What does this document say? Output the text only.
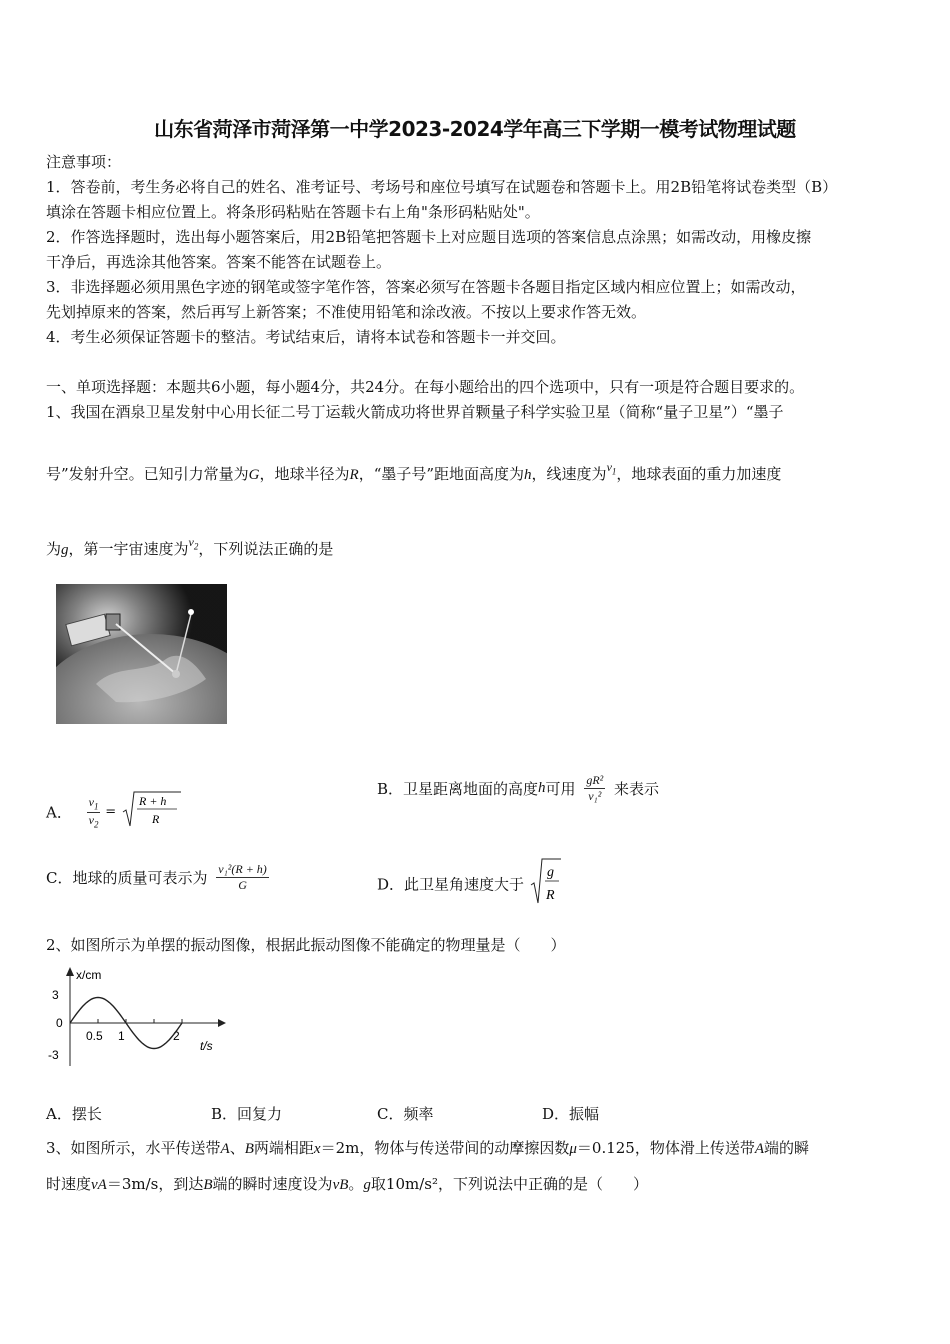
山东省菏泽市菏泽第一中学2023-2024学年高三下学期一模考试物理试题
注意事项：
1．答卷前，考生务必将自己的姓名、准考证号、考场号和座位号填写在试题卷和答题卡上。用2B铅笔将试卷类型（B）
填涂在答题卡相应位置上。将条形码粘贴在答题卡右上角"条形码粘贴处"。
2．作答选择题时，选出每小题答案后，用2B铅笔把答题卡上对应题目选项的答案信息点涂黑；如需改动，用橡皮擦
干净后，再选涂其他答案。答案不能答在试题卷上。
3．非选择题必须用黑色字迹的钢笔或签字笔作答，答案必须写在答题卡各题目指定区域内相应位置上；如需改动，
先划掉原来的答案，然后再写上新答案；不准使用铅笔和涂改液。不按以上要求作答无效。
4．考生必须保证答题卡的整洁。考试结束后，请将本试卷和答题卡一并交回。
一、单项选择题：本题共6小题，每小题4分，共24分。在每小题给出的四个选项中，只有一项是符合题目要求的。
1、我国在酒泉卫星发射中心用长征二号丁运载火箭成功将世界首颗量子科学实验卫星（简称“量子卫星”）“墨子
号”发射升空。已知引力常量为G，地球半径为R，“墨子号”距地面高度为h，线速度为$^{v_1}$，地球表面的重力加速度
为g，第一宇宙速度为$^{v_2}$，下列说法正确的是
A． $\frac{v_1}{v_2}$ =
R + h
R
B．卫星距离地面的高度h可用 $\frac{\text{gR²}}{\text{v₁²}}$ 来表示
C．地球的质量可表示为 $\frac{\text{v₁²(R + h)}}{G}$	D．此卫星角速度大于
g
R
2、如图所示为单摆的振动图像，根据此振动图像不能确定的物理量是（　　）
x/cm
t/s
3
0
-3
0.5 1	2
A．摆长	B．回复力	C．频率	D．振幅
3、如图所示，水平传送带A、B两端相距x＝2m，物体与传送带间的动摩擦因数μ＝0.125，物体滑上传送带A端的瞬
时速度vA＝3m/s，到达B端的瞬时速度设为vB。g取10m/s²，下列说法中正确的是（　　）
